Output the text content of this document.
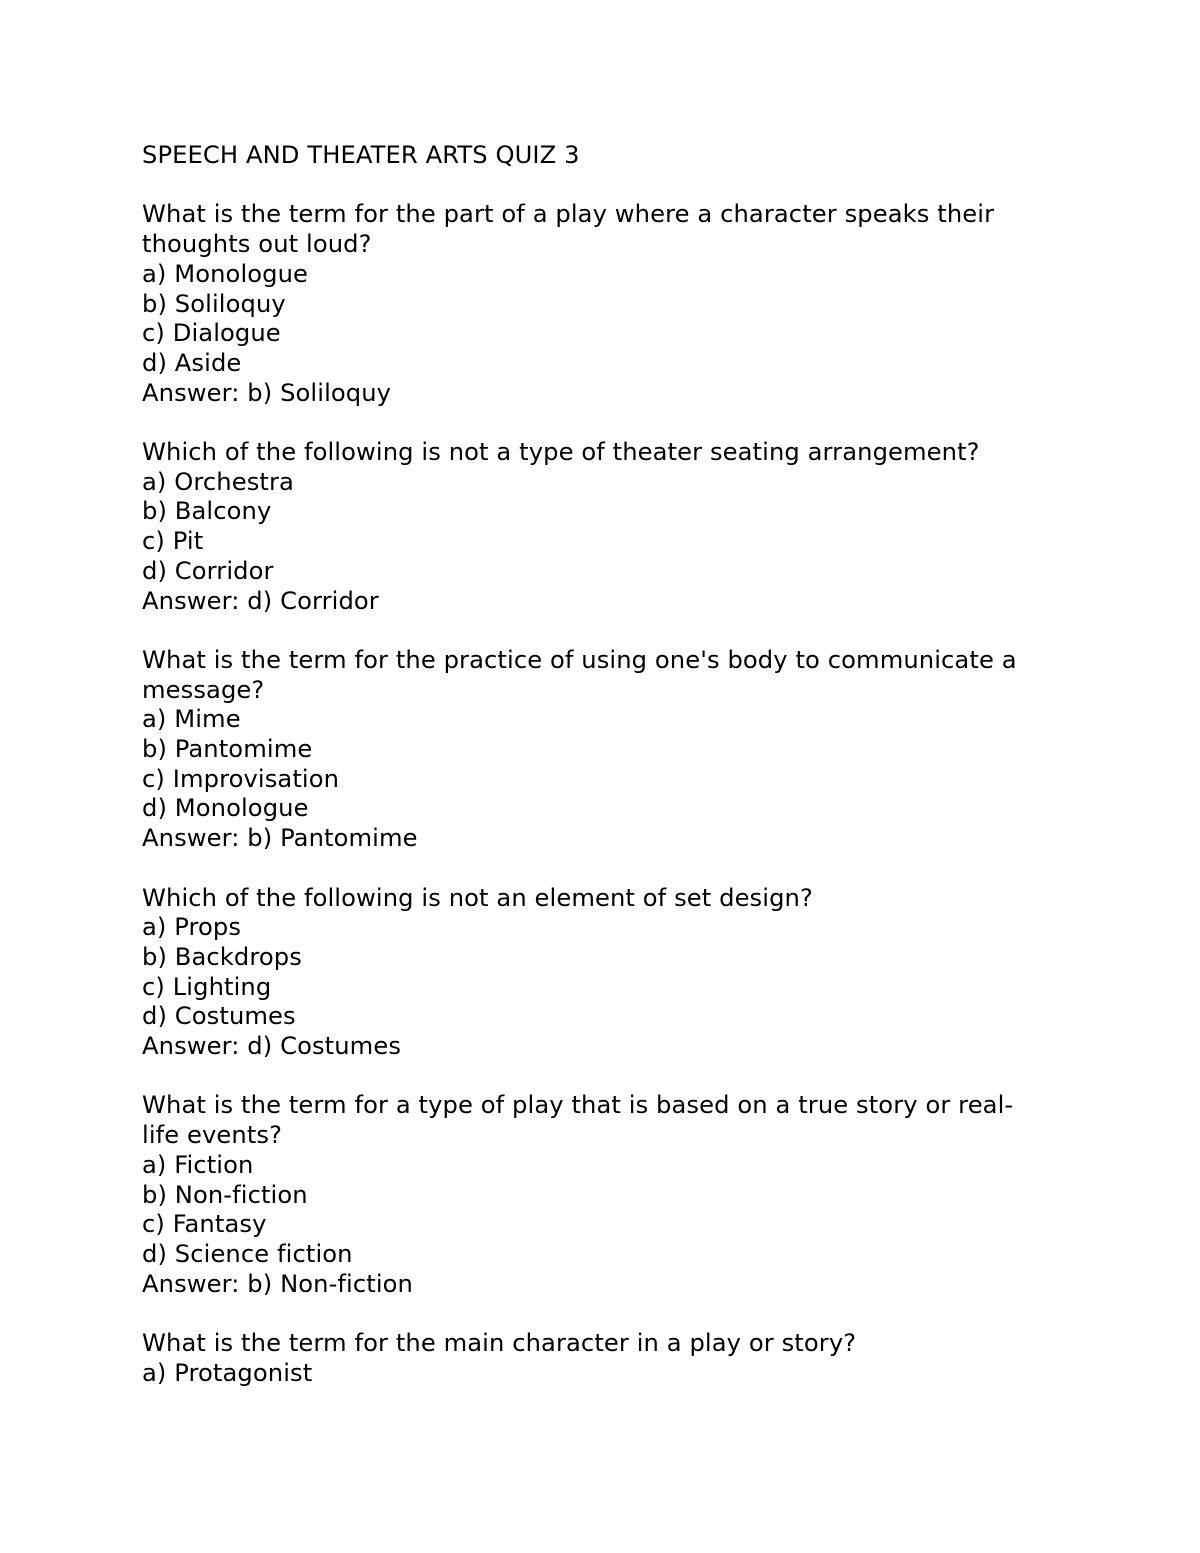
SPEECH AND THEATER ARTS QUIZ 3
What is the term for the part of a play where a character speaks their
thoughts out loud?
a) Monologue
b) Soliloquy
c) Dialogue
d) Aside
Answer: b) Soliloquy
Which of the following is not a type of theater seating arrangement?
a) Orchestra
b) Balcony
c) Pit
d) Corridor
Answer: d) Corridor
What is the term for the practice of using one's body to communicate a
message?
a) Mime
b) Pantomime
c) Improvisation
d) Monologue
Answer: b) Pantomime
Which of the following is not an element of set design?
a) Props
b) Backdrops
c) Lighting
d) Costumes
Answer: d) Costumes
What is the term for a type of play that is based on a true story or real-
life events?
a) Fiction
b) Non-fiction
c) Fantasy
d) Science fiction
Answer: b) Non-fiction
What is the term for the main character in a play or story?
a) Protagonist
